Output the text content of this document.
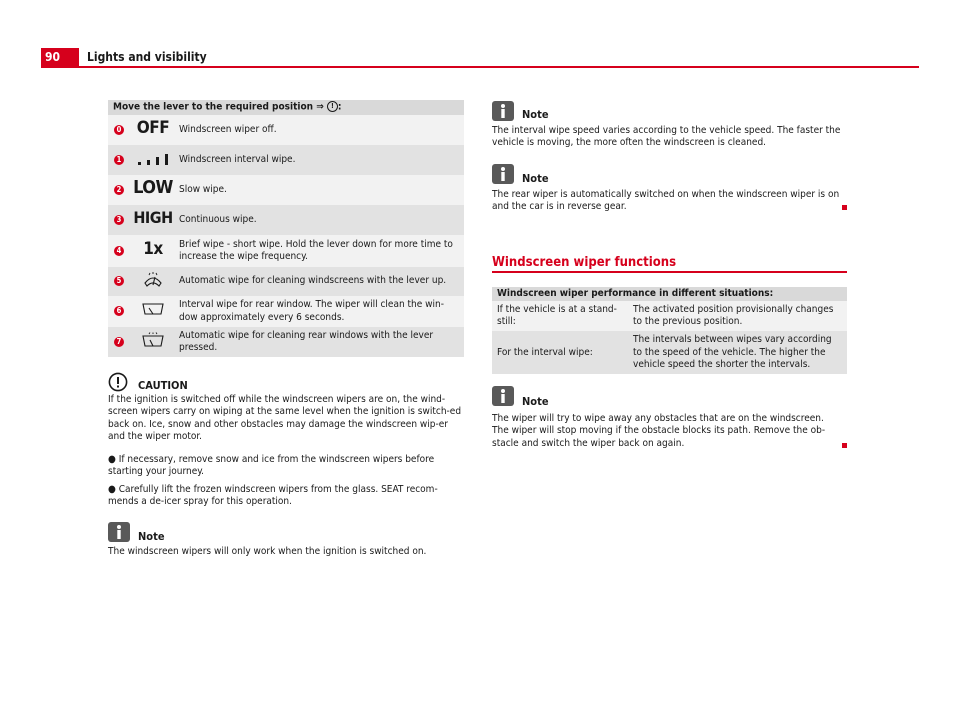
90	Lights and visibility
Move the lever to the required position ⇒ ! :		
0	OFF	Windscreen wiper off.
1		Windscreen interval wipe.
2	LOW	Slow wipe.
3	HIGH	Continuous wipe.
4	1x	Brief wipe - short wipe. Hold the lever down for more time to increase the wipe frequency.
5		Automatic wipe for cleaning windscreens with the lever up.
6		Interval wipe for rear window. The wiper will clean the win-dow approximately every 6 seconds.
7		Automatic wipe for cleaning rear windows with the lever pressed.
CAUTION
If the ignition is switched off while the windscreen wipers are on, the wind-screen wipers carry on wiping at the same level when the ignition is switch-ed back on. Ice, snow and other obstacles may damage the windscreen wip-er and the wiper motor.
● If necessary, remove snow and ice from the windscreen wipers before starting your journey.
● Carefully lift the frozen windscreen wipers from the glass. SEAT recom-mends a de-icer spray for this operation.
Note
The windscreen wipers will only work when the ignition is switched on.
Note
The interval wipe speed varies according to the vehicle speed. The faster the vehicle is moving, the more often the windscreen is cleaned.
Note
The rear wiper is automatically switched on when the windscreen wiper is on and the car is in reverse gear.
Windscreen wiper functions
Windscreen wiper performance in different situations:	
If the vehicle is at a stand-still:	The activated position provisionally changes to the previous position.
For the interval wipe:	The intervals between wipes vary according to the speed of the vehicle. The higher the vehicle speed the shorter the intervals.
Note
The wiper will try to wipe away any obstacles that are on the windscreen. The wiper will stop moving if the obstacle blocks its path. Remove the ob-stacle and switch the wiper back on again.
